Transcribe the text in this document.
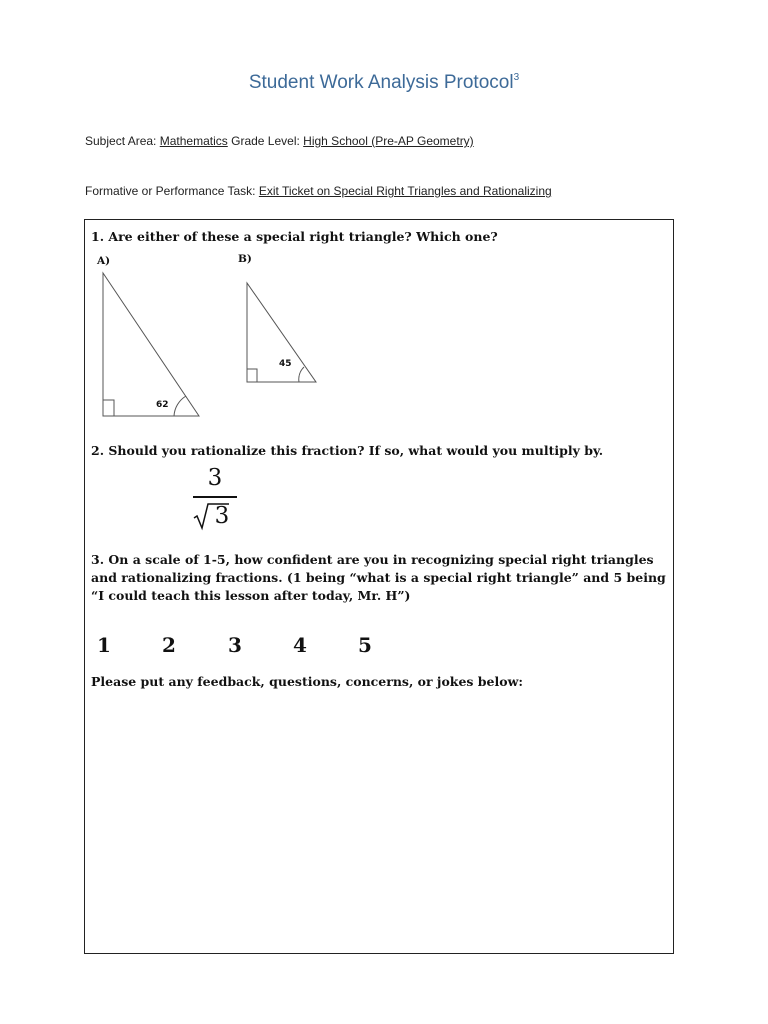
Student Work Analysis Protocol$^3$
Subject Area: Mathematics Grade Level: High School (Pre-AP Geometry)
Formative or Performance Task: Exit Ticket on Special Right Triangles and Rationalizing

1. Are either of these a special right triangle? Which one?

A)
62
B)
45

2. Should you rationalize this fraction? If so, what would you multiply by.

3
3

3. On a scale of 1-5, how confident are you in recognizing special right triangles and rationalizing fractions. (1 being “what is a special right triangle” and 5 being “I could teach this lesson after today, Mr. H”)

1	2	3	4	5

Please put any feedback, questions, concerns, or jokes below:
